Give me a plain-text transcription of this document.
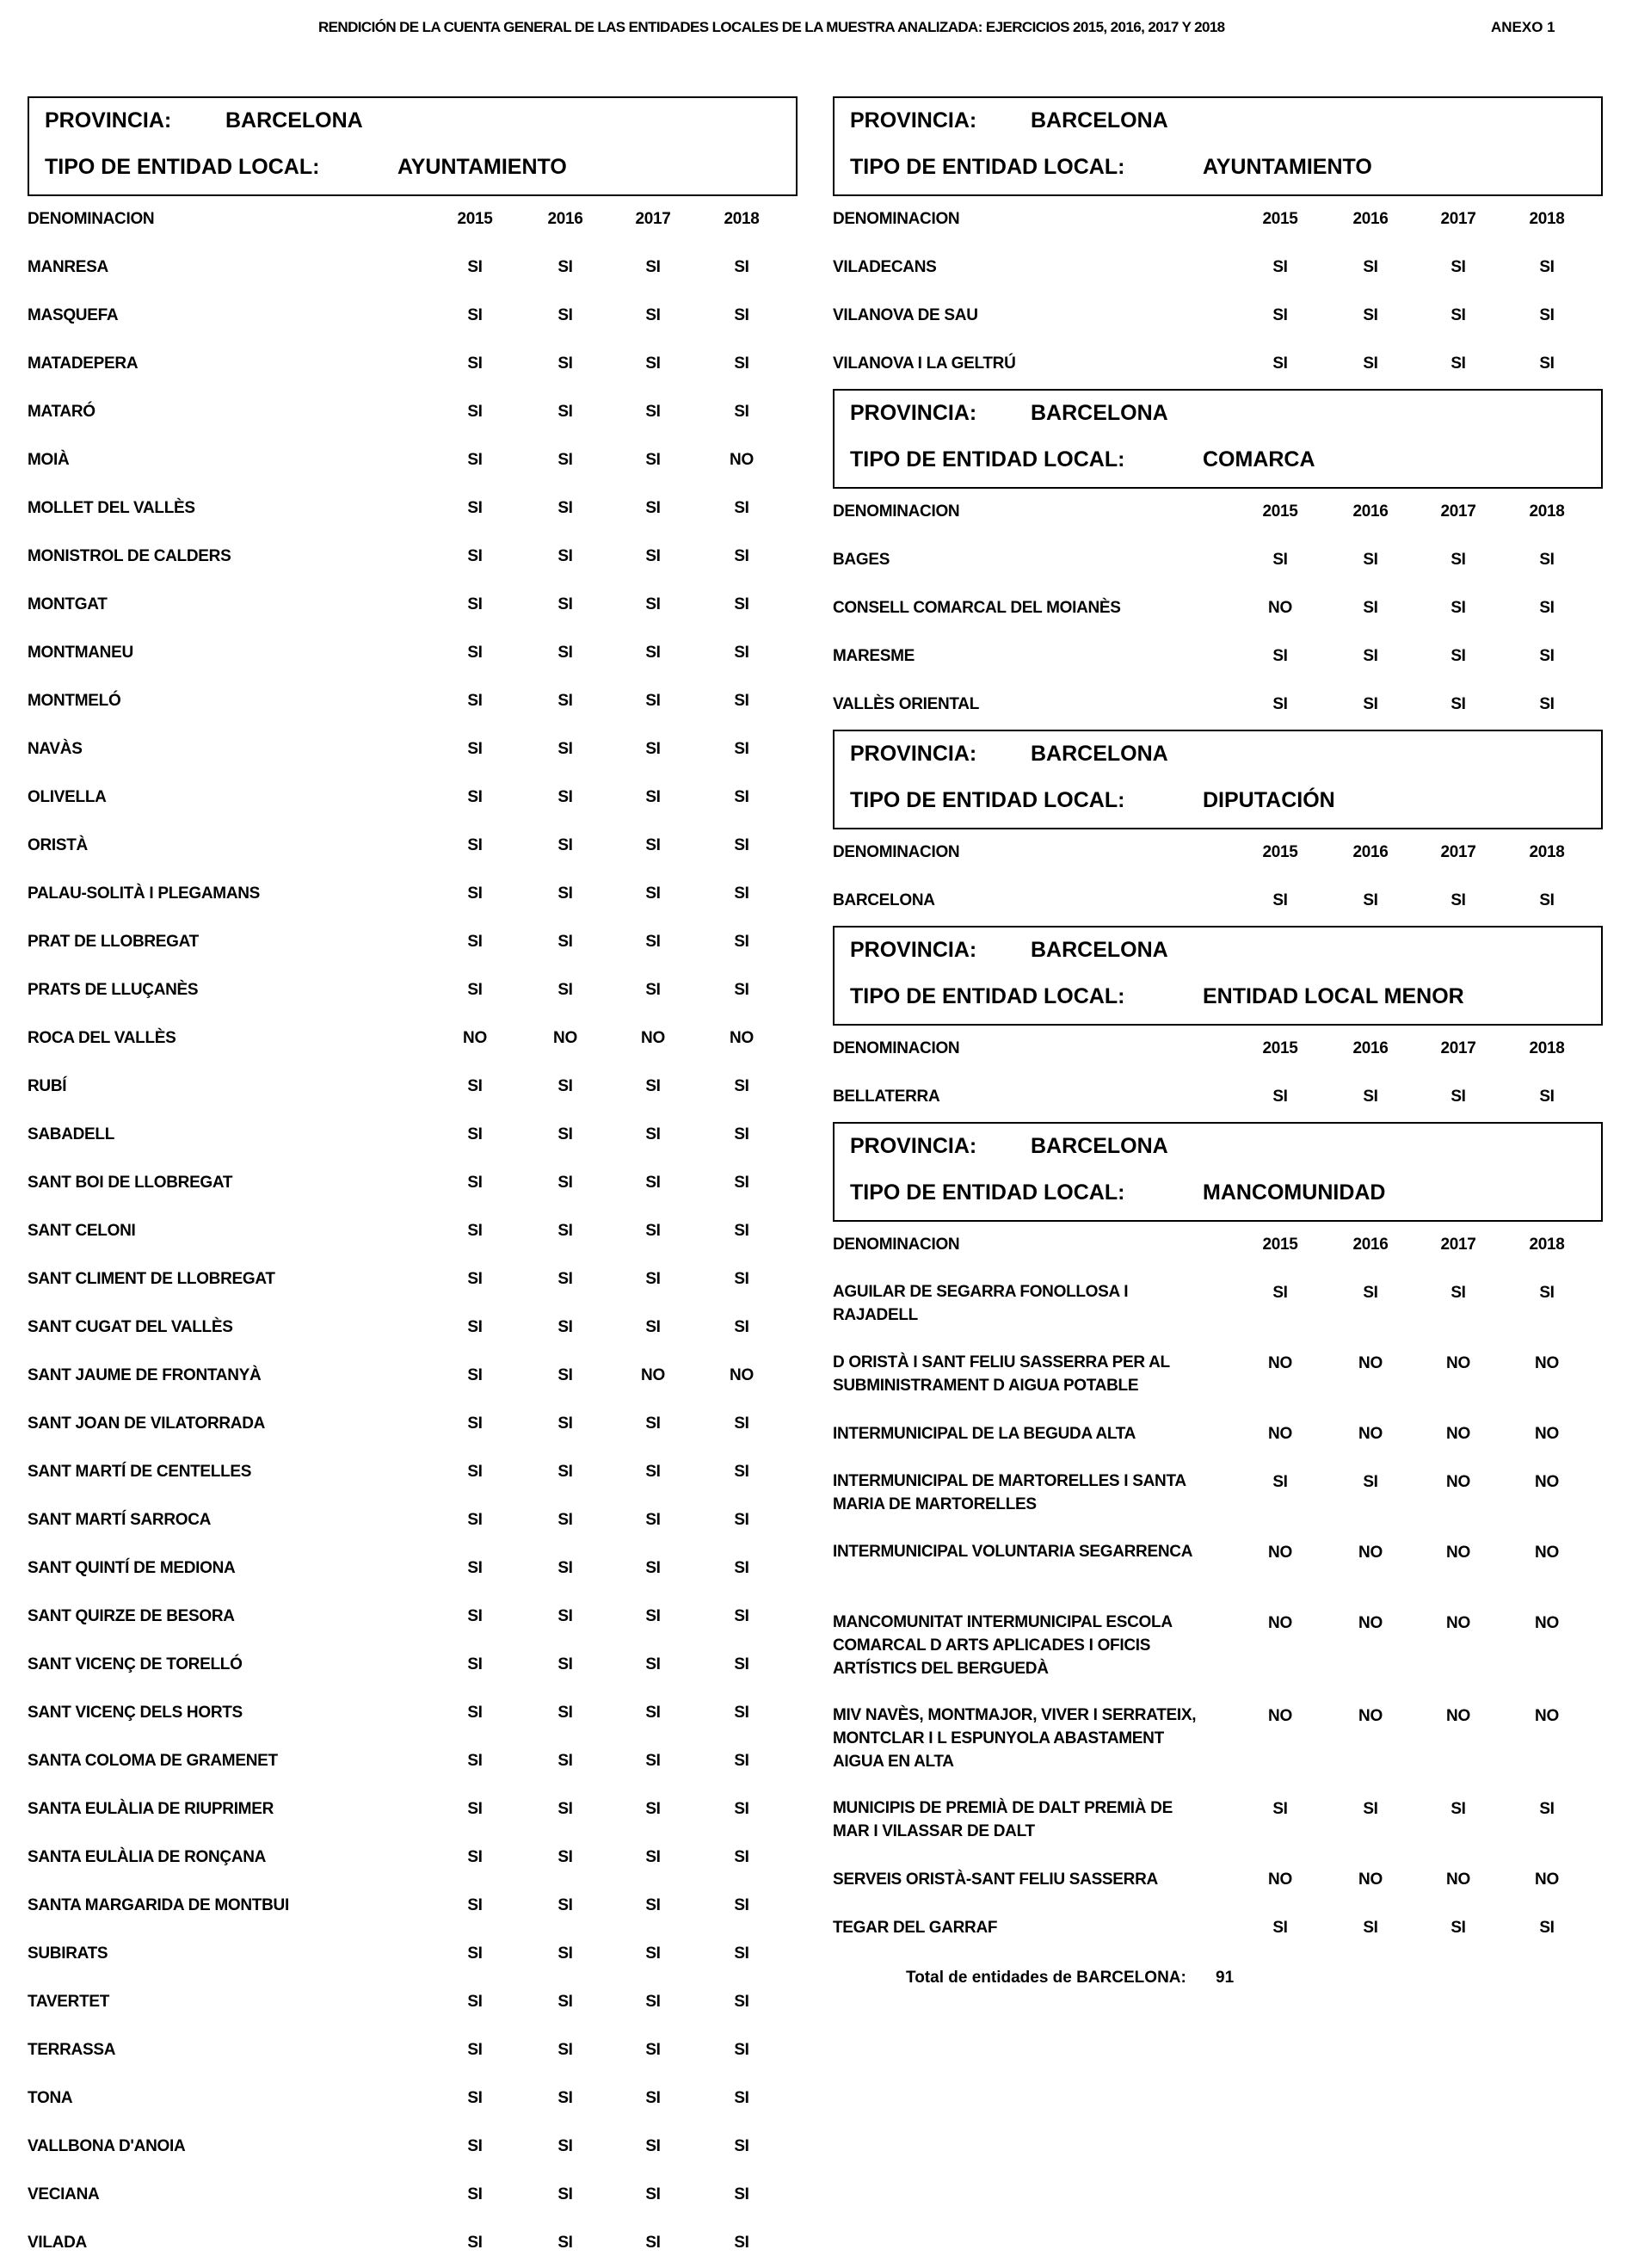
RENDICIÓN DE LA CUENTA GENERAL DE LAS ENTIDADES LOCALES DE LA MUESTRA ANALIZADA: EJERCICIOS 2015, 2016, 2017 Y 2018	ANEXO 1
PROVINCIA:	BARCELONA
TIPO DE ENTIDAD LOCAL:	AYUNTAMIENTO
DENOMINACION	2015	2016	2017	2018
MANRESA	SI	SI	SI	SI
MASQUEFA	SI	SI	SI	SI
MATADEPERA	SI	SI	SI	SI
MATARÓ	SI	SI	SI	SI
MOIÀ	SI	SI	SI	NO
MOLLET DEL VALLÈS	SI	SI	SI	SI
MONISTROL DE CALDERS	SI	SI	SI	SI
MONTGAT	SI	SI	SI	SI
MONTMANEU	SI	SI	SI	SI
MONTMELÓ	SI	SI	SI	SI
NAVÀS	SI	SI	SI	SI
OLIVELLA	SI	SI	SI	SI
ORISTÀ	SI	SI	SI	SI
PALAU-SOLITÀ I PLEGAMANS	SI	SI	SI	SI
PRAT DE LLOBREGAT	SI	SI	SI	SI
PRATS DE LLUÇANÈS	SI	SI	SI	SI
ROCA DEL VALLÈS	NO	NO	NO	NO
RUBÍ	SI	SI	SI	SI
SABADELL	SI	SI	SI	SI
SANT BOI DE LLOBREGAT	SI	SI	SI	SI
SANT CELONI	SI	SI	SI	SI
SANT CLIMENT DE LLOBREGAT	SI	SI	SI	SI
SANT CUGAT DEL VALLÈS	SI	SI	SI	SI
SANT JAUME DE FRONTANYÀ	SI	SI	NO	NO
SANT JOAN DE VILATORRADA	SI	SI	SI	SI
SANT MARTÍ DE CENTELLES	SI	SI	SI	SI
SANT MARTÍ SARROCA	SI	SI	SI	SI
SANT QUINTÍ DE MEDIONA	SI	SI	SI	SI
SANT QUIRZE DE BESORA	SI	SI	SI	SI
SANT VICENÇ DE TORELLÓ	SI	SI	SI	SI
SANT VICENÇ DELS HORTS	SI	SI	SI	SI
SANTA COLOMA DE GRAMENET	SI	SI	SI	SI
SANTA EULÀLIA DE RIUPRIMER	SI	SI	SI	SI
SANTA EULÀLIA DE RONÇANA	SI	SI	SI	SI
SANTA MARGARIDA DE MONTBUI	SI	SI	SI	SI
SUBIRATS	SI	SI	SI	SI
TAVERTET	SI	SI	SI	SI
TERRASSA	SI	SI	SI	SI
TONA	SI	SI	SI	SI
VALLBONA D'ANOIA	SI	SI	SI	SI
VECIANA	SI	SI	SI	SI
VILADA	SI	SI	SI	SI
PROVINCIA:	BARCELONA
TIPO DE ENTIDAD LOCAL:	AYUNTAMIENTO
DENOMINACION	2015	2016	2017	2018
VILADECANS	SI	SI	SI	SI
VILANOVA DE SAU	SI	SI	SI	SI
VILANOVA I LA GELTRÚ	SI	SI	SI	SI
PROVINCIA:	BARCELONA
TIPO DE ENTIDAD LOCAL:	COMARCA
DENOMINACION	2015	2016	2017	2018
BAGES	SI	SI	SI	SI
CONSELL COMARCAL DEL MOIANÈS	NO	SI	SI	SI
MARESME	SI	SI	SI	SI
VALLÈS ORIENTAL	SI	SI	SI	SI
PROVINCIA:	BARCELONA
TIPO DE ENTIDAD LOCAL:	DIPUTACIÓN
DENOMINACION	2015	2016	2017	2018
BARCELONA	SI	SI	SI	SI
PROVINCIA:	BARCELONA
TIPO DE ENTIDAD LOCAL:	ENTIDAD LOCAL MENOR
DENOMINACION	2015	2016	2017	2018
BELLATERRA	SI	SI	SI	SI
PROVINCIA:	BARCELONA
TIPO DE ENTIDAD LOCAL:	MANCOMUNIDAD
DENOMINACION	2015	2016	2017	2018
AGUILAR DE SEGARRA FONOLLOSA I RAJADELL
SI	SI	SI	SI
D ORISTÀ I SANT FELIU SASSERRA PER AL SUBMINISTRAMENT D AIGUA POTABLE
NO	NO	NO	NO
INTERMUNICIPAL DE LA BEGUDA ALTA	NO	NO	NO	NO
INTERMUNICIPAL DE MARTORELLES I SANTA MARIA DE MARTORELLES
SI	SI	NO	NO
INTERMUNICIPAL VOLUNTARIA SEGARRENCA	NO	NO	NO	NO
MANCOMUNITAT INTERMUNICIPAL ESCOLA COMARCAL D ARTS APLICADES I OFICIS ARTÍSTICS DEL BERGUEDÀ
NO	NO	NO	NO
MIV NAVÈS, MONTMAJOR, VIVER I SERRATEIX, MONTCLAR I L ESPUNYOLA ABASTAMENT AIGUA EN ALTA
NO	NO	NO	NO
MUNICIPIS DE PREMIÀ DE DALT PREMIÀ DE MAR I VILASSAR DE DALT
SI	SI	SI	SI
SERVEIS ORISTÀ-SANT FELIU SASSERRA	NO	NO	NO	NO
TEGAR DEL GARRAF	SI	SI	SI	SI
Total de entidades de BARCELONA: 91
